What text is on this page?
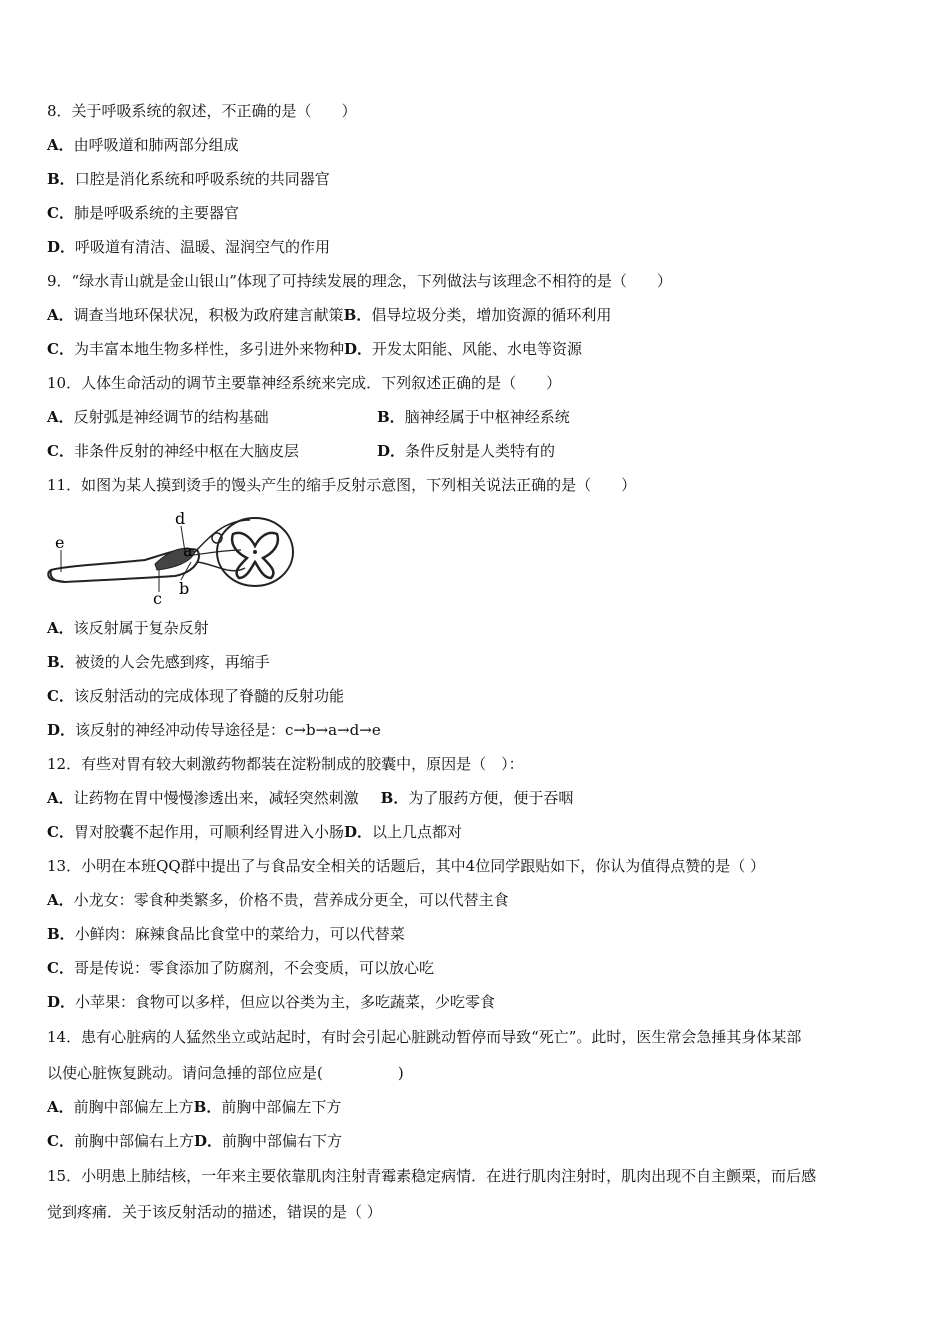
8．关于呼吸系统的叙述，不正确的是（　　）
A．由呼吸道和肺两部分组成
B．口腔是消化系统和呼吸系统的共同器官
C．肺是呼吸系统的主要器官
D．呼吸道有清洁、温暖、湿润空气的作用
9．“绿水青山就是金山银山”体现了可持续发展的理念，下列做法与该理念不相符的是（　　）
A．调查当地环保状况，积极为政府建言献策B．倡导垃圾分类，增加资源的循环利用
C．为丰富本地生物多样性，多引进外来物种D．开发太阳能、风能、水电等资源
10．人体生命活动的调节主要靠神经系统来完成．下列叙述正确的是（　　）
A．反射弧是神经调节的结构基础	B．脑神经属于中枢神经系统
C．非条件反射的神经中枢在大脑皮层	D．条件反射是人类特有的
11．如图为某人摸到烫手的馒头产生的缩手反射示意图，下列相关说法正确的是（　　）
e
d
a
b
c
A．该反射属于复杂反射
B．被烫的人会先感到疼，再缩手
C．该反射活动的完成体现了脊髓的反射功能
D．该反射的神经冲动传导途径是：c→b→a→d→e
12．有些对胃有较大刺激药物都装在淀粉制成的胶囊中，原因是（　）：
A．让药物在胃中慢慢渗透出来，减轻突然刺激 B．为了服药方便，便于吞咽
C．胃对胶囊不起作用，可顺利经胃进入小肠D．以上几点都对
13．小明在本班QQ群中提出了与食品安全相关的话题后，其中4位同学跟贴如下，你认为值得点赞的是（ ）
A．小龙女：零食种类繁多，价格不贵，营养成分更全，可以代替主食
B．小鲜肉：麻辣食品比食堂中的菜给力，可以代替菜
C．哥是传说：零食添加了防腐剂，不会变质，可以放心吃
D．小苹果：食物可以多样，但应以谷类为主，多吃蔬菜，少吃零食
14．患有心脏病的人猛然坐立或站起时，有时会引起心脏跳动暂停而导致“死亡”。此时，医生常会急捶其身体某部
以使心脏恢复跳动。请问急捶的部位应是(　　　　　)
A．前胸中部偏左上方B．前胸中部偏左下方
C．前胸中部偏右上方D．前胸中部偏右下方
15．小明患上肺结核，一年来主要依靠肌肉注射青霉素稳定病情．在进行肌肉注射时，肌肉出现不自主颤栗，而后感
觉到疼痛．关于该反射活动的描述，错误的是（ ）
